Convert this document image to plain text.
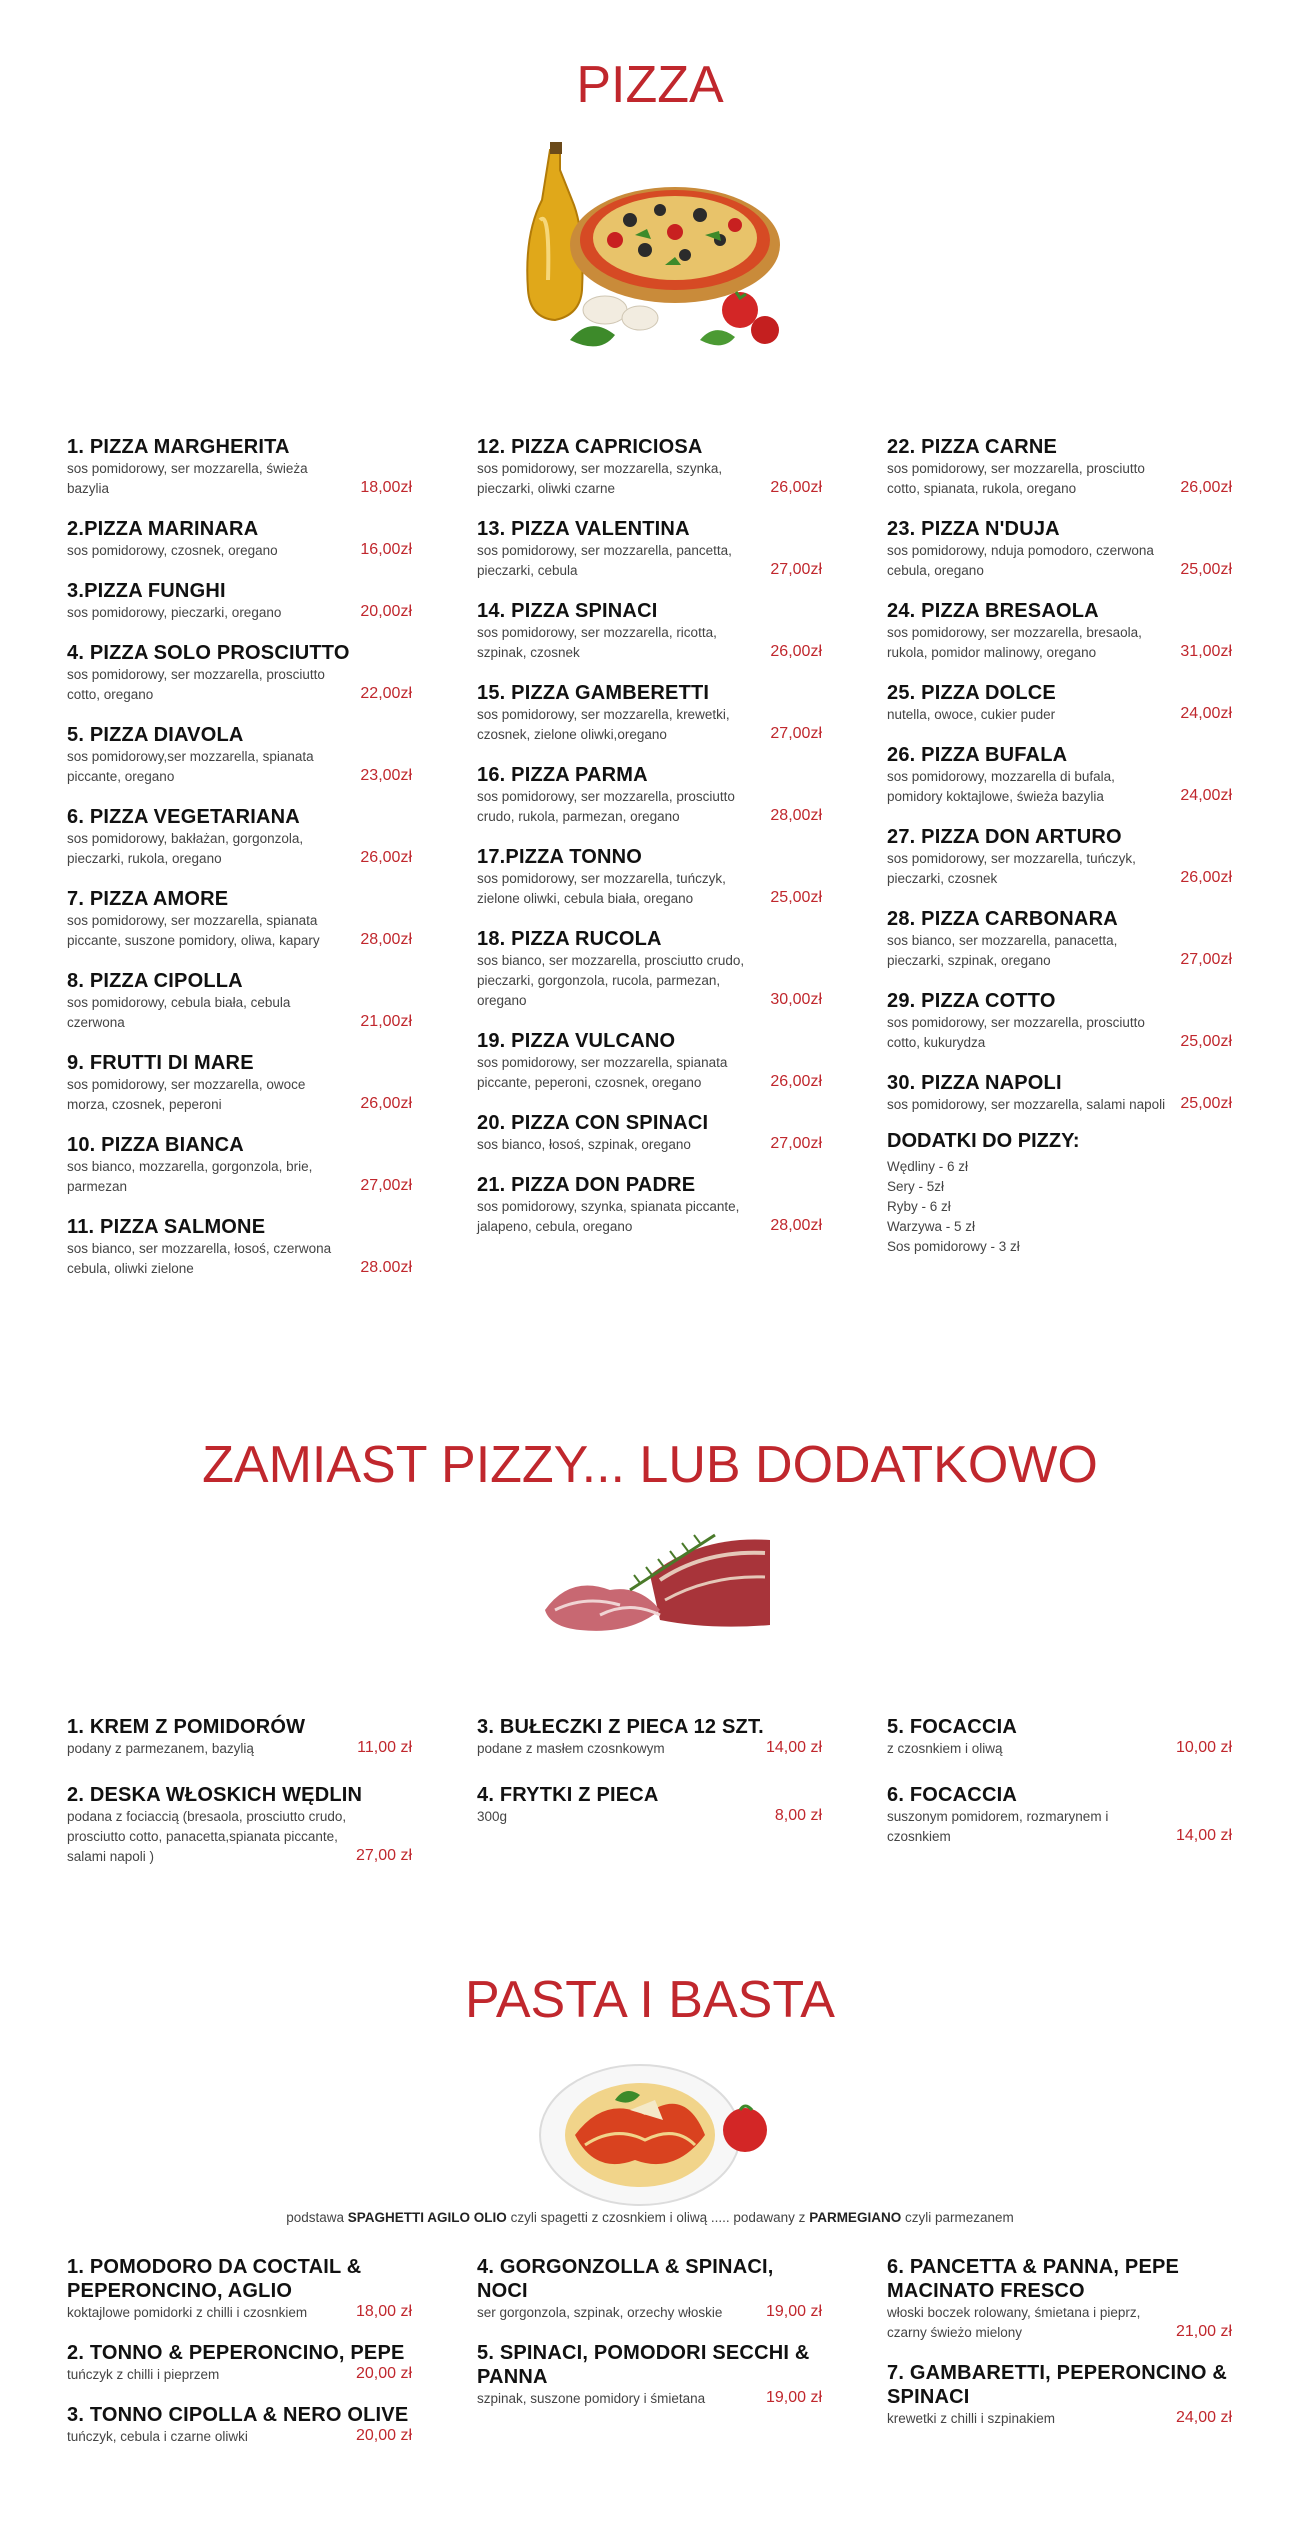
PIZZA
1. PIZZA MARGHERITA
sos pomidorowy, ser mozzarella, świeża bazylia	18,00zł
2.PIZZA MARINARA
sos pomidorowy, czosnek, oregano	16,00zł
3.PIZZA FUNGHI
sos pomidorowy, pieczarki, oregano	20,00zł
4. PIZZA SOLO PROSCIUTTO
sos pomidorowy, ser mozzarella, prosciutto cotto, oregano	22,00zł
5. PIZZA DIAVOLA
sos pomidorowy,ser mozzarella, spianata piccante, oregano	23,00zł
6. PIZZA VEGETARIANA
sos pomidorowy, bakłażan, gorgonzola, pieczarki, rukola, oregano	26,00zł
7. PIZZA AMORE
sos pomidorowy, ser mozzarella, spianata piccante, suszone pomidory, oliwa, kapary	28,00zł
8. PIZZA CIPOLLA
sos pomidorowy, cebula biała, cebula czerwona	21,00zł
9. FRUTTI DI MARE
sos pomidorowy, ser mozzarella, owoce morza, czosnek, peperoni	26,00zł
10. PIZZA BIANCA
sos bianco, mozzarella, gorgonzola, brie, parmezan	27,00zł
11. PIZZA SALMONE
sos bianco, ser mozzarella, łosoś, czerwona cebula, oliwki zielone	28.00zł
12. PIZZA CAPRICIOSA
sos pomidorowy, ser mozzarella, szynka, pieczarki, oliwki czarne	26,00zł
13. PIZZA VALENTINA
sos pomidorowy, ser mozzarella, pancetta, pieczarki, cebula	27,00zł
14. PIZZA SPINACI
sos pomidorowy, ser mozzarella, ricotta, szpinak, czosnek	26,00zł
15. PIZZA GAMBERETTI
sos pomidorowy, ser mozzarella, krewetki, czosnek, zielone oliwki,oregano	27,00zł
16. PIZZA PARMA
sos pomidorowy, ser mozzarella, prosciutto crudo, rukola, parmezan, oregano	28,00zł
17.PIZZA TONNO
sos pomidorowy, ser mozzarella, tuńczyk, zielone oliwki, cebula biała, oregano	25,00zł
18. PIZZA RUCOLA
sos bianco, ser mozzarella, prosciutto crudo, pieczarki, gorgonzola, rucola, parmezan, oregano	30,00zł
19. PIZZA VULCANO
sos pomidorowy, ser mozzarella, spianata piccante, peperoni, czosnek, oregano	26,00zł
20. PIZZA CON SPINACI
sos bianco, łosoś, szpinak, oregano	27,00zł
21. PIZZA DON PADRE
sos pomidorowy, szynka, spianata piccante, jalapeno, cebula, oregano	28,00zł
22. PIZZA CARNE
sos pomidorowy, ser mozzarella, prosciutto cotto, spianata, rukola, oregano	26,00zł
23. PIZZA N'DUJA
sos pomidorowy, nduja pomodoro, czerwona cebula, oregano	25,00zł
24. PIZZA BRESAOLA
sos pomidorowy, ser mozzarella, bresaola, rukola, pomidor malinowy, oregano	31,00zł
25. PIZZA DOLCE
nutella, owoce, cukier puder	24,00zł
26. PIZZA BUFALA
sos pomidorowy, mozzarella di bufala, pomidory koktajlowe, świeża bazylia	24,00zł
27. PIZZA DON ARTURO
sos pomidorowy, ser mozzarella, tuńczyk, pieczarki, czosnek	26,00zł
28. PIZZA CARBONARA
sos bianco, ser mozzarella, panacetta, pieczarki, szpinak, oregano	27,00zł
29. PIZZA COTTO
sos pomidorowy, ser mozzarella, prosciutto cotto, kukurydza	25,00zł
30. PIZZA NAPOLI
sos pomidorowy, ser mozzarella, salami napoli 25,00zł
DODATKI DO PIZZY:
Wędliny - 6 zł
Sery - 5zł
Ryby - 6 zł
Warzywa - 5 zł
Sos pomidorowy - 3 zł
ZAMIAST PIZZY... LUB DODATKOWO
1. KREM Z POMIDORÓW
podany z parmezanem, bazylią	11,00 zł
2. DESKA WŁOSKICH WĘDLIN
podana z fociaccią (bresaola, prosciutto crudo, prosciutto cotto, panacetta,spianata piccante, salami napoli )	27,00 zł
3. BUŁECZKI Z PIECA 12 SZT.
podane z masłem czosnkowym	14,00 zł
4. FRYTKI Z PIECA
300g	8,00 zł
5. FOCACCIA
z czosnkiem i oliwą	10,00 zł
6. FOCACCIA
suszonym pomidorem, rozmarynem i czosnkiem	14,00 zł
PASTA I BASTA
podstawa SPAGHETTI AGILO OLIO czyli spagetti z czosnkiem i oliwą ..... podawany z PARMEGIANO czyli parmezanem
1. POMODORO DA COCTAIL & PEPERONCINO, AGLIO
koktajlowe pomidorki z chilli i czosnkiem	18,00 zł
2. TONNO & PEPERONCINO, PEPE
tuńczyk z chilli i pieprzem	20,00 zł
3. TONNO CIPOLLA & NERO OLIVE
tuńczyk, cebula i czarne oliwki	20,00 zł
4. GORGONZOLLA & SPINACI, NOCI
ser gorgonzola, szpinak, orzechy włoskie	19,00 zł
5. SPINACI, POMODORI SECCHI & PANNA
szpinak, suszone pomidory i śmietana	19,00 zł
6. PANCETTA & PANNA, PEPE MACINATO FRESCO
włoski boczek rolowany, śmietana i pieprz, czarny świeżo mielony	21,00 zł
7. GAMBARETTI, PEPERONCINO & SPINACI
krewetki z chilli i szpinakiem	24,00 zł
